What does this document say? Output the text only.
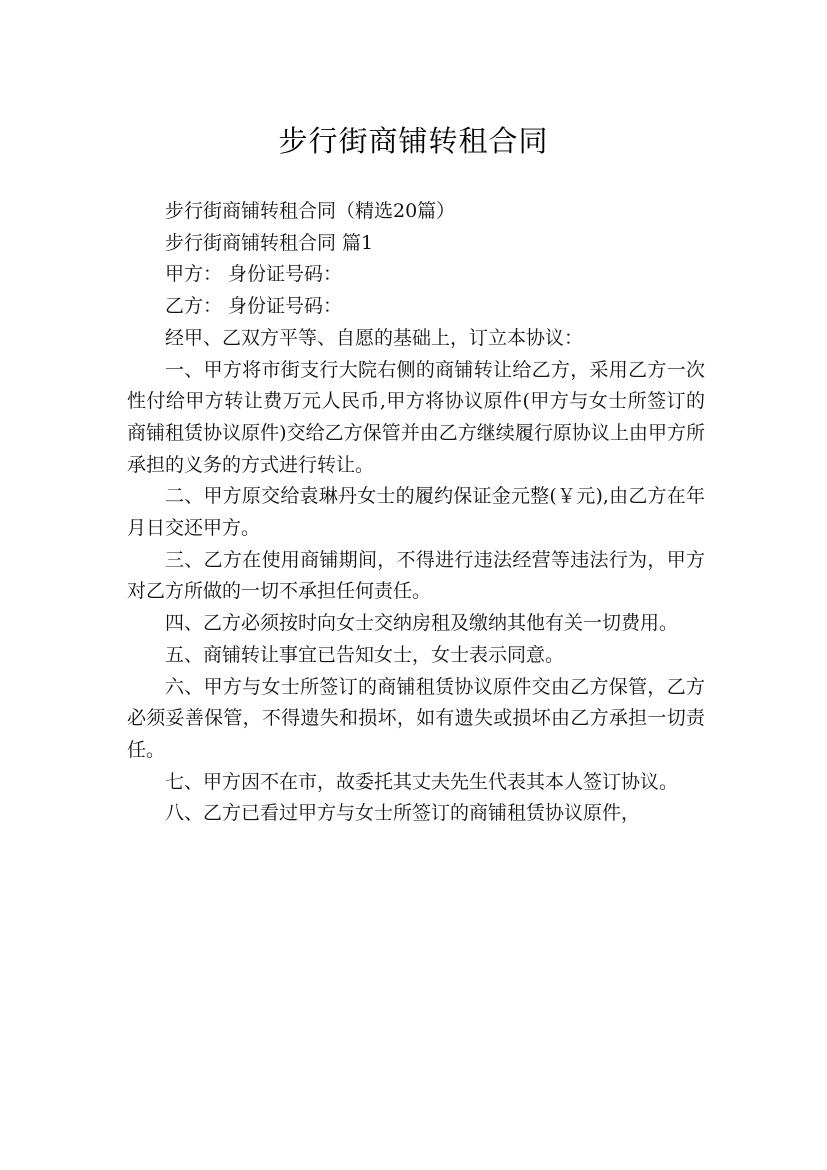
步行街商铺转租合同

步行街商铺转租合同（精选20篇）

步行街商铺转租合同 篇1

甲方： 身份证号码：

乙方： 身份证号码：

经甲、乙双方平等、自愿的基础上，订立本协议：

一、甲方将市街支行大院右侧的商铺转让给乙方，采用乙方一次性付给甲方转让费万元人民币,甲方将协议原件(甲方与女士所签订的商铺租赁协议原件)交给乙方保管并由乙方继续履行原协议上由甲方所承担的义务的方式进行转让。

二、甲方原交给袁琳丹女士的履约保证金元整(￥元),由乙方在年月日交还甲方。

三、乙方在使用商铺期间，不得进行违法经营等违法行为，甲方对乙方所做的一切不承担任何责任。

四、乙方必须按时向女士交纳房租及缴纳其他有关一切费用。

五、商铺转让事宜已告知女士，女士表示同意。

六、甲方与女士所签订的商铺租赁协议原件交由乙方保管，乙方必须妥善保管，不得遗失和损坏，如有遗失或损坏由乙方承担一切责任。

七、甲方因不在市，故委托其丈夫先生代表其本人签订协议。

八、乙方已看过甲方与女士所签订的商铺租赁协议原件，
